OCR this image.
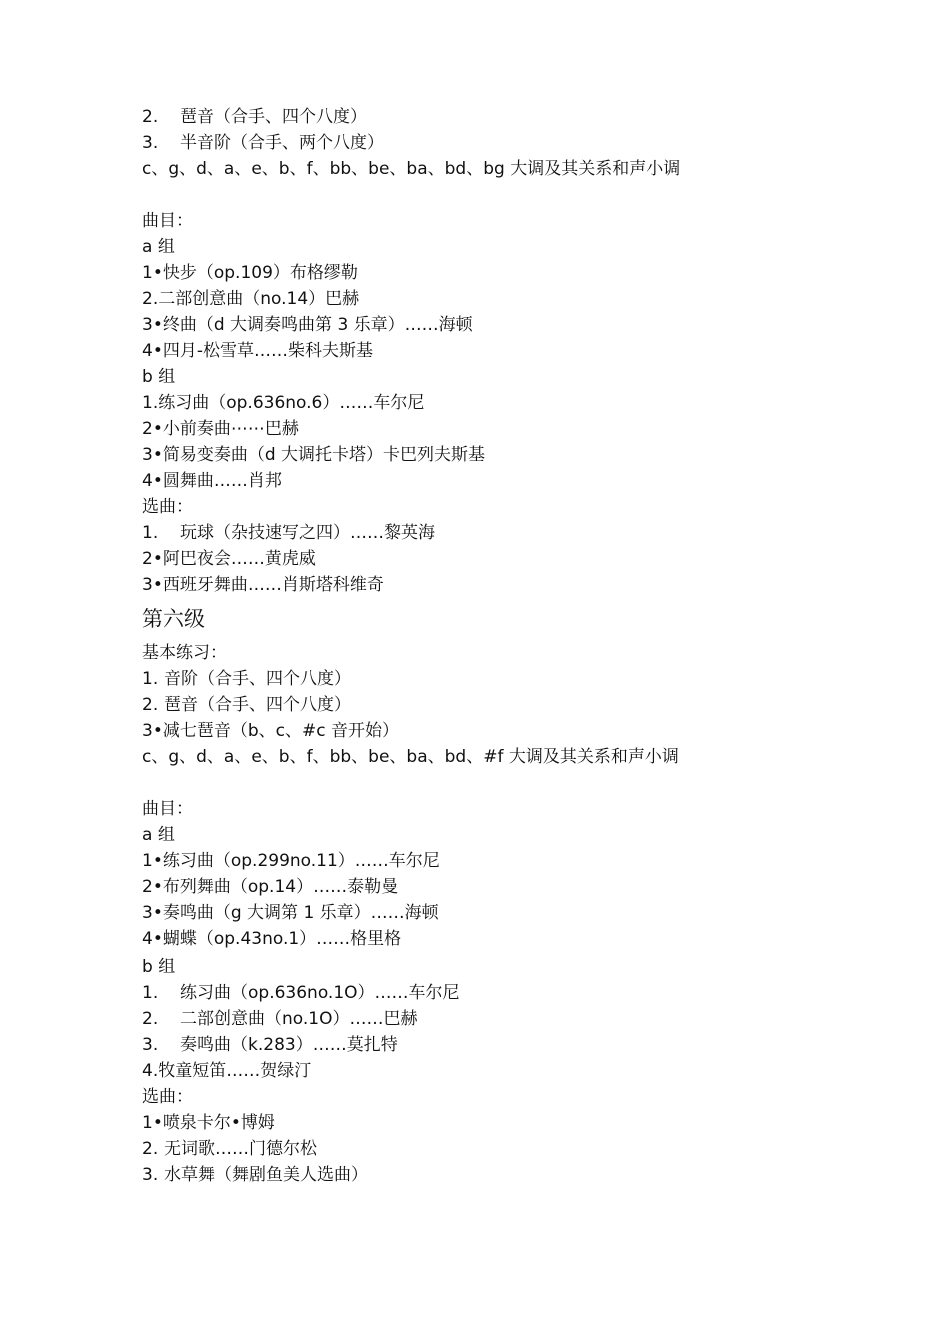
2. 琶音（合手、四个八度）
3. 半音阶（合手、两个八度）
c、g、d、a、e、b、f、bb、be、ba、bd、bg 大调及其关系和声小调
曲目：
a 组
1•快步（op.109）布格缪勒
2.二部创意曲（no.14）巴赫
3•终曲（d 大调奏鸣曲第 3 乐章）……海顿
4•四月-松雪草……柴科夫斯基
b 组
1.练习曲（op.636no.6）……车尔尼
2•小前奏曲⋯⋯巴赫
3•简易变奏曲（d 大调托卡塔）卡巴列夫斯基
4•圆舞曲……肖邦
选曲：
1. 玩球（杂技速写之四）……黎英海
2•阿巴夜会……黄虎威
3•西班牙舞曲……肖斯塔科维奇
第六级
基本练习：
1. 音阶（合手、四个八度）
2. 琶音（合手、四个八度）
3•减七琶音（b、c、#c 音开始）
c、g、d、a、e、b、f、bb、be、ba、bd、#f 大调及其关系和声小调
曲目：
a 组
1•练习曲（op.299no.11）……车尔尼
2•布列舞曲（op.14）……泰勒曼
3•奏鸣曲（g 大调第 1 乐章）……海顿
4•蝴蝶（op.43no.1）……格里格
b 组
1. 练习曲（op.636no.1O）……车尔尼
2. 二部创意曲（no.1O）……巴赫
3. 奏鸣曲（k.283）……莫扎特
4.牧童短笛……贺绿汀
选曲：
1•喷泉卡尔•博姆
2. 无词歌……门德尔松
3. 水草舞（舞剧鱼美人选曲）
